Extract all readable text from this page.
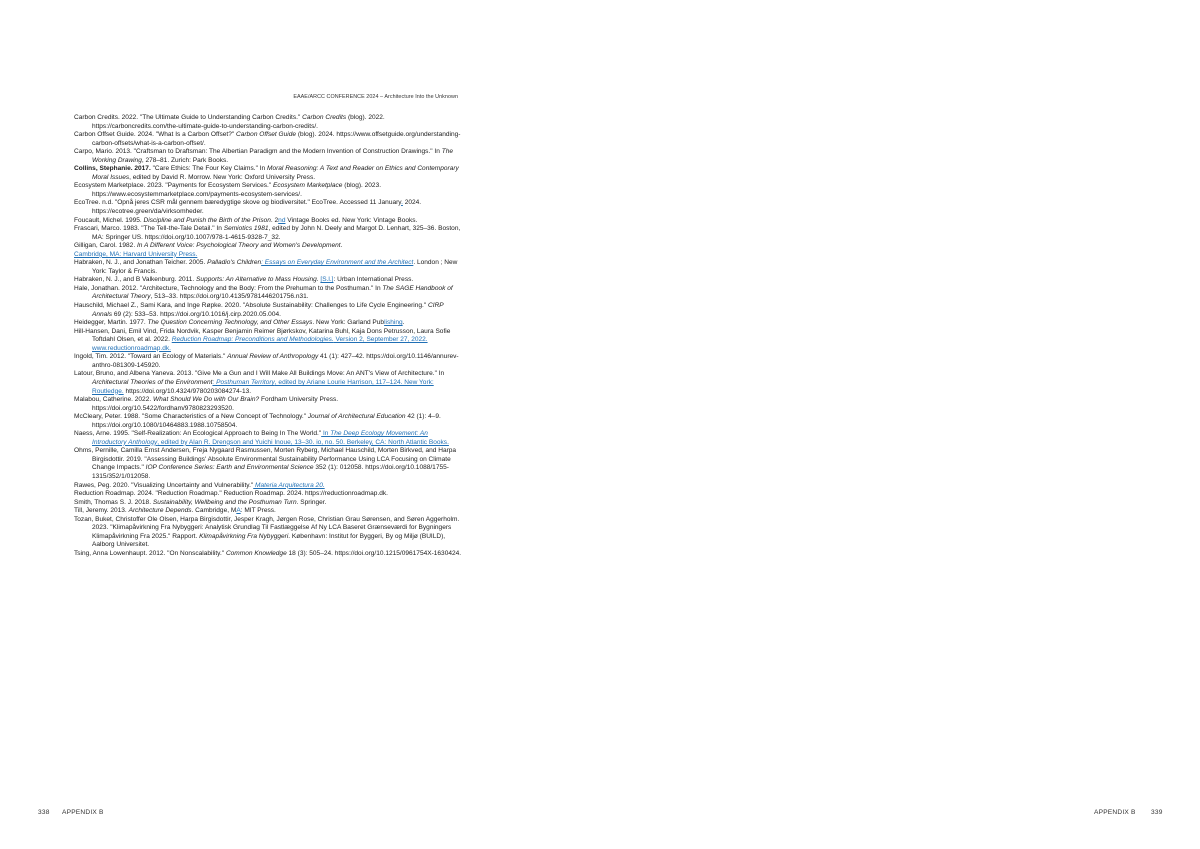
EAAE/ARCC CONFERENCE 2024 – Architecture Into the Unknown

Carbon Credits. 2022. "The Ultimate Guide to Understanding Carbon Credits." Carbon Credits (blog). 2022. https://carboncredits.com/the-ultimate-guide-to-understanding-carbon-credits/.

Carbon Offset Guide. 2024. "What Is a Carbon Offset?" Carbon Offset Guide (blog). 2024. https://www.offsetguide.org/understanding-carbon-offsets/what-is-a-carbon-offset/.

Carpo, Mario. 2013. "Craftsman to Draftsman: The Albertian Paradigm and the Modern Invention of Construction Drawings." In The Working Drawing, 278–81. Zurich: Park Books.

Collins, Stephanie. 2017. "Care Ethics: The Four Key Claims." In Moral Reasoning: A Text and Reader on Ethics and Contemporary Moral Issues, edited by David R. Morrow. New York: Oxford University Press.

Ecosystem Marketplace. 2023. "Payments for Ecosystem Services." Ecosystem Marketplace (blog). 2023. https://www.ecosystemmarketplace.com/payments-ecosystem-services/.

EcoTree. n.d. "Opnå jeres CSR mål gennem bæredygtige skove og biodiversitet." EcoTree. Accessed 11 January. 2024. https://ecotree.green/da/virksomheder.

Foucault, Michel. 1995. Discipline and Punish the Birth of the Prison. 2nd Vintage Books ed. New York: Vintage Books.

Frascari, Marco. 1983. "The Tell-the-Tale Detail." In Semiotics 1981, edited by John N. Deely and Margot D. Lenhart, 325–36. Boston, MA: Springer US. https://doi.org/10.1007/978-1-4615-9328-7_32.

Gilligan, Carol. 1982. In A Different Voice: Psychological Theory and Women's Development.

Cambridge, MA: Harvard University Press.

Habraken, N. J., and Jonathan Teicher. 2005. Palladio's Children: Essays on Everyday Environment and the Architect. London ; New York: Taylor & Francis.

Habraken, N. J., and B Valkenburg. 2011. Supports: An Alternative to Mass Housing. [S.l.]: Urban International Press.

Hale, Jonathan. 2012. "Architecture, Technology and the Body: From the Prehuman to the Posthuman." In The SAGE Handbook of Architectural Theory, 513–33. https://doi.org/10.4135/9781446201756.n31.

Hauschild, Michael Z., Sami Kara, and Inge Røpke. 2020. "Absolute Sustainability: Challenges to Life Cycle Engineering." CIRP Annals 69 (2): 533–53. https://doi.org/10.1016/j.cirp.2020.05.004.

Heidegger, Martin. 1977. The Question Concerning Technology, and Other Essays. New York: Garland Publishing.

Hill-Hansen, Dani, Emil Vind, Frida Nordvik, Kasper Benjamin Reimer Bjørkskov, Katarina Buhl, Kaja Dons Petrusson, Laura Sofie Toftdahl Olsen, et al. 2022. Reduction Roadmap: Preconditions and Methodologies. Version 2, September 27, 2022. www.reductionroadmap.dk.

Ingold, Tim. 2012. "Toward an Ecology of Materials." Annual Review of Anthropology 41 (1): 427–42. https://doi.org/10.1146/annurev-anthro-081309-145920.

Latour, Bruno, and Albena Yaneva. 2013. "Give Me a Gun and I Will Make All Buildings Move: An ANT's View of Architecture." In Architectural Theories of the Environment: Posthuman Territory, edited by Ariane Lourie Harrison, 117–124. New York: Routledge. https://doi.org/10.4324/9780203084274-13.

Malabou, Catherine. 2022. What Should We Do with Our Brain? Fordham University Press. https://doi.org/10.5422/fordham/9780823293520.

McCleary, Peter. 1988. "Some Characteristics of a New Concept of Technology." Journal of Architectural Education 42 (1): 4–9. https://doi.org/10.1080/10464883.1988.10758504.

Naess, Arne. 1995. "Self-Realization: An Ecological Approach to Being In The World." In The Deep Ecology Movement: An Introductory Anthology, edited by Alan R. Drengson and Yuichi Inoue, 13–30. io, no. 50. Berkeley, CA: North Atlantic Books.

Ohms, Pernille, Camilla Ernst Andersen, Freja Nygaard Rasmussen, Morten Ryberg, Michael Hauschild, Morten Birkved, and Harpa Birgisdottir. 2019. "Assessing Buildings' Absolute Environmental Sustainability Performance Using LCA Focusing on Climate Change Impacts." IOP Conference Series: Earth and Environmental Science 352 (1): 012058. https://doi.org/10.1088/1755-1315/352/1/012058.

Rawes, Peg. 2020. "Visualizing Uncertainty and Vulnerability." Materia Arquitectura 20.

Reduction Roadmap. 2024. "Reduction Roadmap." Reduction Roadmap. 2024. https://reductionroadmap.dk.

Smith, Thomas S. J. 2018. Sustainability, Wellbeing and the Posthuman Turn. Springer.

Till, Jeremy. 2013. Architecture Depends. Cambridge, MA: MIT Press.

Tozan, Buket, Christoffer Ole Olsen, Harpa Birgisdottir, Jesper Kragh, Jørgen Rose, Christian Grau Sørensen, and Søren Aggerholm. 2023. "Klimapåvirkning Fra Nybyggeri: Analytisk Grundlag Til Fastlæggelse Af Ny LCA Baseret Grænseværdi for Bygningers Klimapåvirkning Fra 2025." Rapport. Klimapåvirkning Fra Nybyggeri. København: Institut for Byggeri, By og Miljø (BUILD), Aalborg Universitet.

Tsing, Anna Lowenhaupt. 2012. "On Nonscalability." Common Knowledge 18 (3): 505–24. https://doi.org/10.1215/0961754X-1630424.

338 APPENDIX B	APPENDIX B 339
